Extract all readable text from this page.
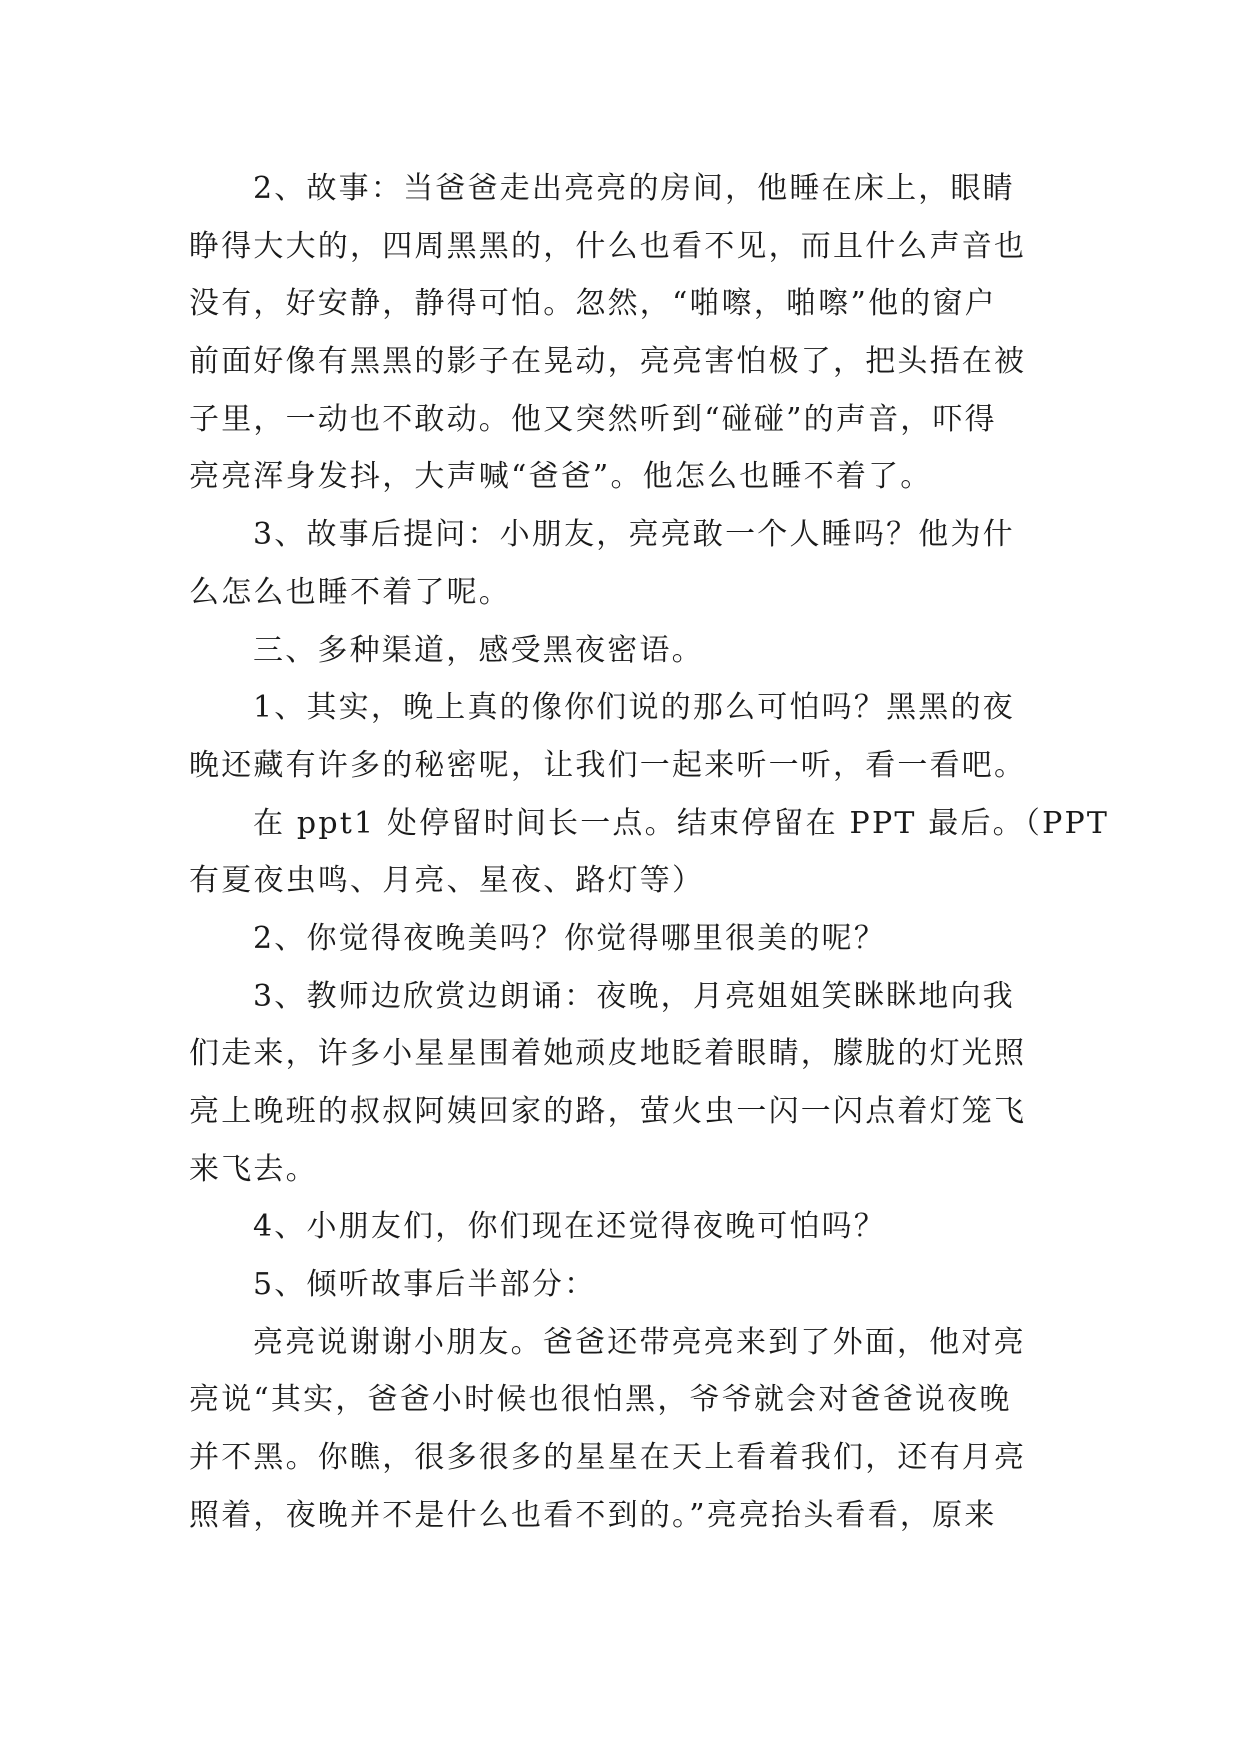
2、故事：当爸爸走出亮亮的房间，他睡在床上，眼睛
睁得大大的，四周黑黑的，什么也看不见，而且什么声音也
没有，好安静，静得可怕。忽然，“啪嚓，啪嚓”他的窗户
前面好像有黑黑的影子在晃动，亮亮害怕极了，把头捂在被
子里，一动也不敢动。他又突然听到“碰碰”的声音，吓得
亮亮浑身发抖，大声喊“爸爸”。他怎么也睡不着了。
3、故事后提问：小朋友，亮亮敢一个人睡吗？他为什
么怎么也睡不着了呢。
三、多种渠道，感受黑夜密语。
1、其实，晚上真的像你们说的那么可怕吗？黑黑的夜
晚还藏有许多的秘密呢，让我们一起来听一听，看一看吧。
在 ppt1 处停留时间长一点。结束停留在 PPT 最后。（PPT
有夏夜虫鸣、月亮、星夜、路灯等）
2、你觉得夜晚美吗？你觉得哪里很美的呢？
3、教师边欣赏边朗诵：夜晚，月亮姐姐笑眯眯地向我
们走来，许多小星星围着她顽皮地眨着眼睛，朦胧的灯光照
亮上晚班的叔叔阿姨回家的路，萤火虫一闪一闪点着灯笼飞
来飞去。
4、小朋友们，你们现在还觉得夜晚可怕吗？
5、倾听故事后半部分：
亮亮说谢谢小朋友。爸爸还带亮亮来到了外面，他对亮
亮说“其实，爸爸小时候也很怕黑，爷爷就会对爸爸说夜晚
并不黑。你瞧，很多很多的星星在天上看着我们，还有月亮
照着，夜晚并不是什么也看不到的。”亮亮抬头看看，原来
